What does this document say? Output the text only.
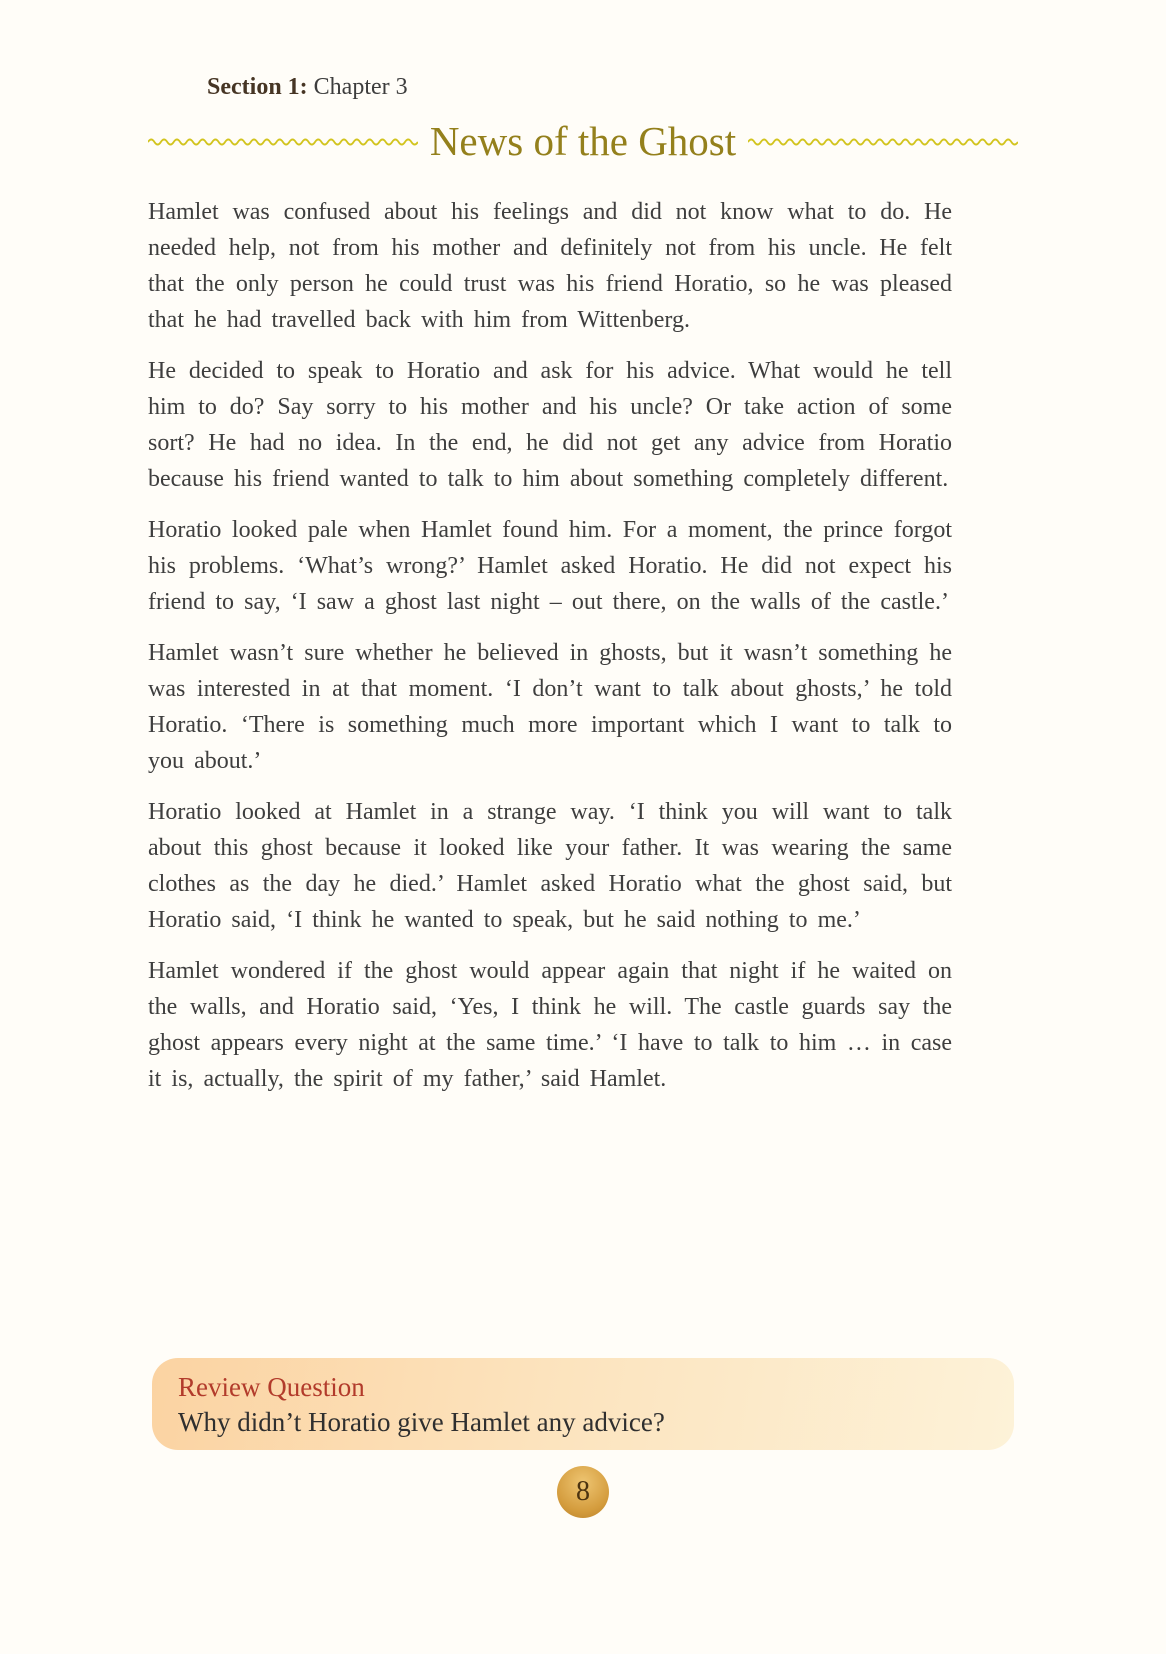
Section 1: Chapter 3
News of the Ghost

Hamlet was confused about his feelings and did not know what to do. He needed help, not from his mother and definitely not from his uncle. He felt that the only person he could trust was his friend Horatio, so he was pleased that he had travelled back with him from Wittenberg.

He decided to speak to Horatio and ask for his advice. What would he tell him to do? Say sorry to his mother and his uncle? Or take action of some sort? He had no idea. In the end, he did not get any advice from Horatio because his friend wanted to talk to him about something completely different.

Horatio looked pale when Hamlet found him. For a moment, the prince forgot his problems. ‘What’s wrong?’ Hamlet asked Horatio. He did not expect his friend to say, ‘I saw a ghost last night – out there, on the walls of the castle.’

Hamlet wasn’t sure whether he believed in ghosts, but it wasn’t something he was interested in at that moment. ‘I don’t want to talk about ghosts,’ he told Horatio. ‘There is something much more important which I want to talk to you about.’

Horatio looked at Hamlet in a strange way. ‘I think you will want to talk about this ghost because it looked like your father. It was wearing the same clothes as the day he died.’ Hamlet asked Horatio what the ghost said, but Horatio said, ‘I think he wanted to speak, but he said nothing to me.’

Hamlet wondered if the ghost would appear again that night if he waited on the walls, and Horatio said, ‘Yes, I think he will. The castle guards say the ghost appears every night at the same time.’ ‘I have to talk to him … in case it is, actually, the spirit of my father,’ said Hamlet.

Review Question

Why didn’t Horatio give Hamlet any advice?

8
